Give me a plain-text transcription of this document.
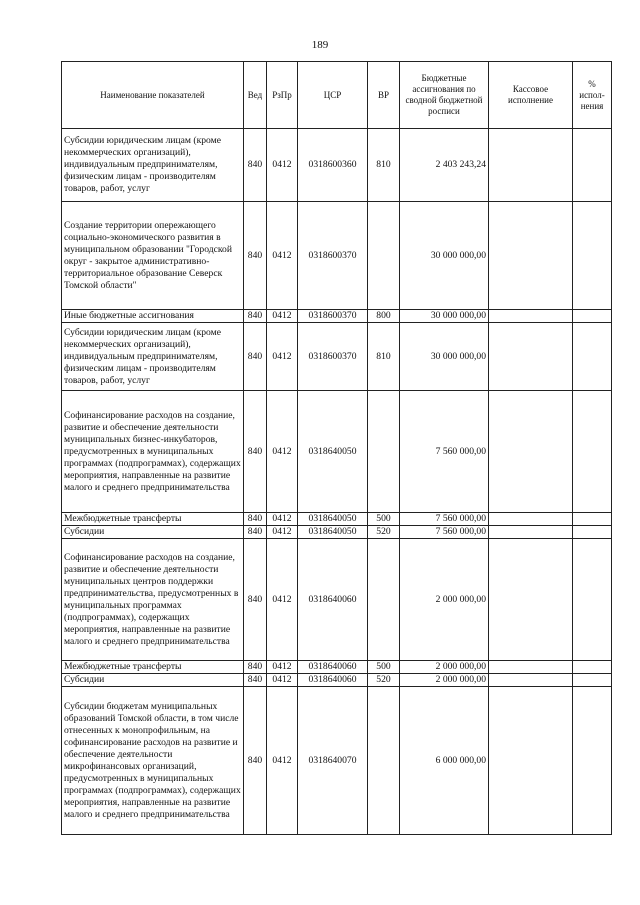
189
Наименование показателей	Вед	РзПр	ЦСР	ВР	Бюджетные ассигнования по сводной бюджетной росписи	Кассовое исполнение	% испол-нения
Субсидии юридическим лицам (кроме некоммерческих организаций), индивидуальным предпринимателям, физическим лицам - производителям товаров, работ, услуг	840	0412	0318600360	810	2 403 243,24		
Создание территории опережающего социально-экономического развития в муниципальном образовании "Городской округ - закрытое административно-территориальное образование Северск Томской области"	840	0412	0318600370		30 000 000,00		
Иные бюджетные ассигнования	840	0412	0318600370	800	30 000 000,00		
Субсидии юридическим лицам (кроме некоммерческих организаций), индивидуальным предпринимателям, физическим лицам - производителям товаров, работ, услуг	840	0412	0318600370	810	30 000 000,00		
Софинансирование расходов на создание, развитие и обеспечение деятельности муниципальных бизнес-инкубаторов, предусмотренных в муниципальных программах (подпрограммах), содержащих мероприятия, направленные на развитие малого и среднего предпринимательства	840	0412	0318640050		7 560 000,00		
Межбюджетные трансферты	840	0412	0318640050	500	7 560 000,00		
Субсидии	840	0412	0318640050	520	7 560 000,00		
Софинансирование расходов на создание, развитие и обеспечение деятельности муниципальных центров поддержки предпринимательства, предусмотренных в муниципальных программах (подпрограммах), содержащих мероприятия, направленные на развитие малого и среднего предпринимательства	840	0412	0318640060		2 000 000,00		
Межбюджетные трансферты	840	0412	0318640060	500	2 000 000,00		
Субсидии	840	0412	0318640060	520	2 000 000,00		
Субсидии бюджетам муниципальных образований Томской области, в том числе отнесенных к монопрофильным, на софинансирование расходов на развитие и обеспечение деятельности микрофинансовых организаций, предусмотренных в муниципальных программах (подпрограммах), содержащих мероприятия, направленные на развитие малого и среднего предпринимательства	840	0412	0318640070		6 000 000,00		
